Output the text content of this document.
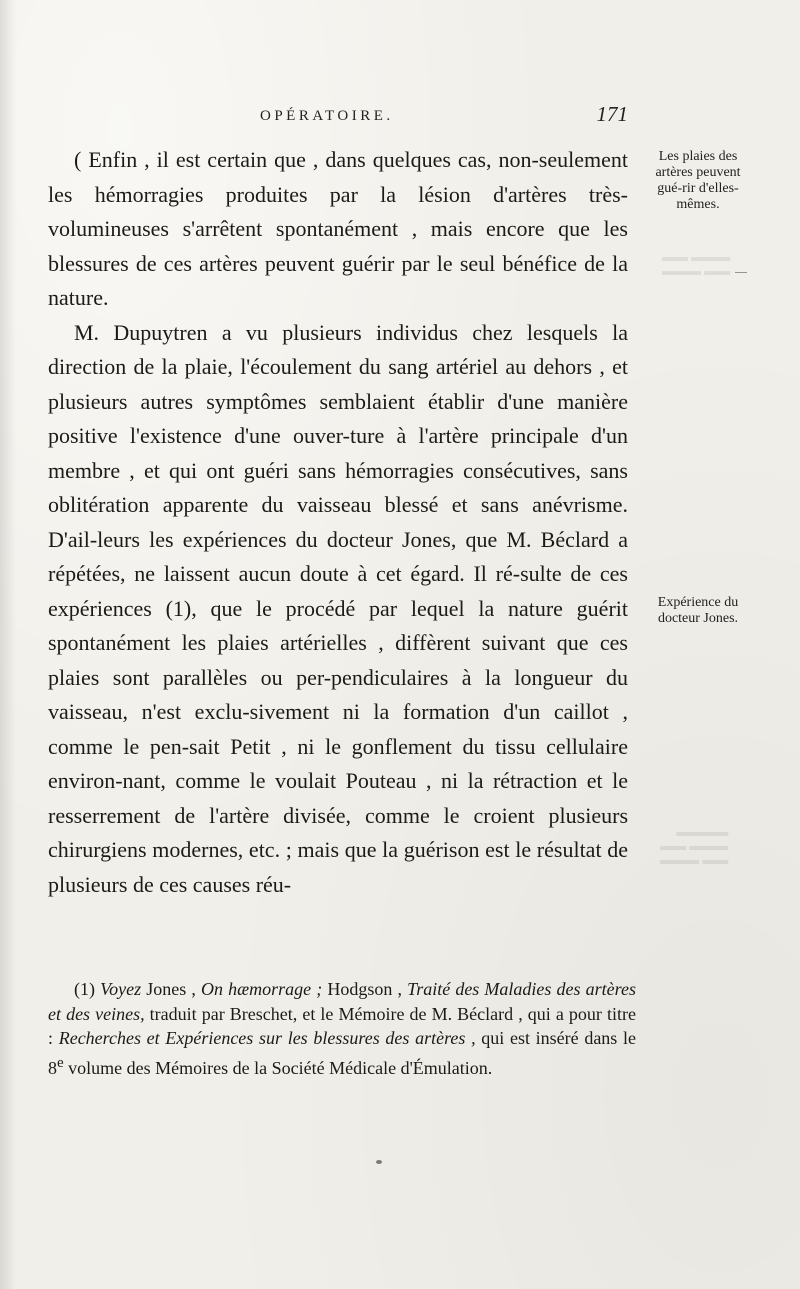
OPÉRATOIRE.	171
Les plaies des artères peuvent gué-rir d'elles-mêmes.
Expérience du docteur Jones.
▬▬▬ ▬▬
▬▬ ▬▬▬
▬▬▬▬
▬▬▬ ▬▬
▬▬ ▬▬▬

( Enfin , il est certain que , dans quelques cas, non-seulement les hémorragies produites par la lésion d'artères très-volumineuses s'arrêtent spontanément , mais encore que les blessures de ces artères peuvent guérir par le seul bénéfice de la nature.

M. Dupuytren a vu plusieurs individus chez lesquels la direction de la plaie, l'écoulement du sang artériel au dehors , et plusieurs autres symptômes semblaient établir d'une manière positive l'existence d'une ouver-ture à l'artère principale d'un membre , et qui ont guéri sans hémorragies consécutives, sans oblitération apparente du vaisseau blessé et sans anévrisme. D'ail-leurs les expériences du docteur Jones, que M. Béclard a répétées, ne laissent aucun doute à cet égard. Il ré-sulte de ces expériences (1), que le procédé par lequel la nature guérit spontanément les plaies artérielles , diffèrent suivant que ces plaies sont parallèles ou per-pendiculaires à la longueur du vaisseau, n'est exclu-sivement ni la formation d'un caillot , comme le pen-sait Petit , ni le gonflement du tissu cellulaire environ-nant, comme le voulait Pouteau , ni la rétraction et le resserrement de l'artère divisée, comme le croient plusieurs chirurgiens modernes, etc. ; mais que la guérison est le résultat de plusieurs de ces causes réu-

(1) Voyez Jones , On hæmorrage ; Hodgson , Traité des Maladies des artères et des veines, traduit par Breschet, et le Mémoire de M. Béclard , qui a pour titre : Recherches et Expériences sur les blessures des artères , qui est inséré dans le 8e volume des Mémoires de la Société Médicale d'Émulation.
